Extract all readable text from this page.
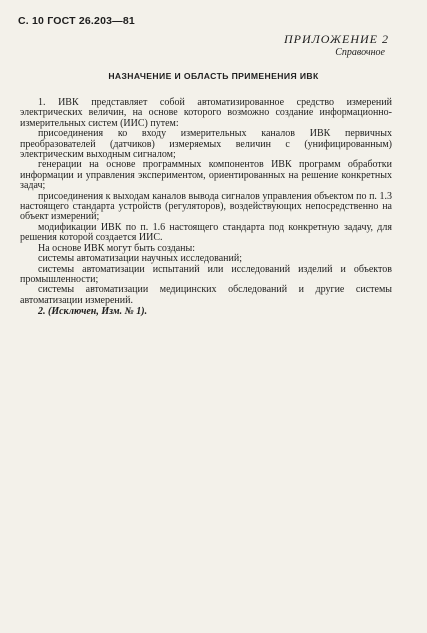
С. 10 ГОСТ 26.203—81
ПРИЛОЖЕНИЕ 2
Справочное
НАЗНАЧЕНИЕ И ОБЛАСТЬ ПРИМЕНЕНИЯ ИВК

1. ИВК представляет собой автоматизированное средство измерений электрических величин, на основе которого возможно создание информационно-измерительных систем (ИИС) путем:

присоединения ко входу измерительных каналов ИВК первичных преобразователей (датчиков) измеряемых величин с (унифицированным) электрическим выходным сигналом;

генерации на основе программных компонентов ИВК программ обработки информации и управления экспериментом, ориентированных на решение конкретных задач;

присоединения к выходам каналов вывода сигналов управления объектом по п. 1.3 настоящего стандарта устройств (регуляторов), воздействующих непосредственно на объект измерений;

модификации ИВК по п. 1.6 настоящего стандарта под конкретную задачу, для решения которой создается ИИС.

На основе ИВК могут быть созданы:

системы автоматизации научных исследований;

системы автоматизации испытаний или исследований изделий и объектов промышленности;

системы автоматизации медицинских обследований и другие системы автоматизации измерений.

2. (Исключен, Изм. № 1).
